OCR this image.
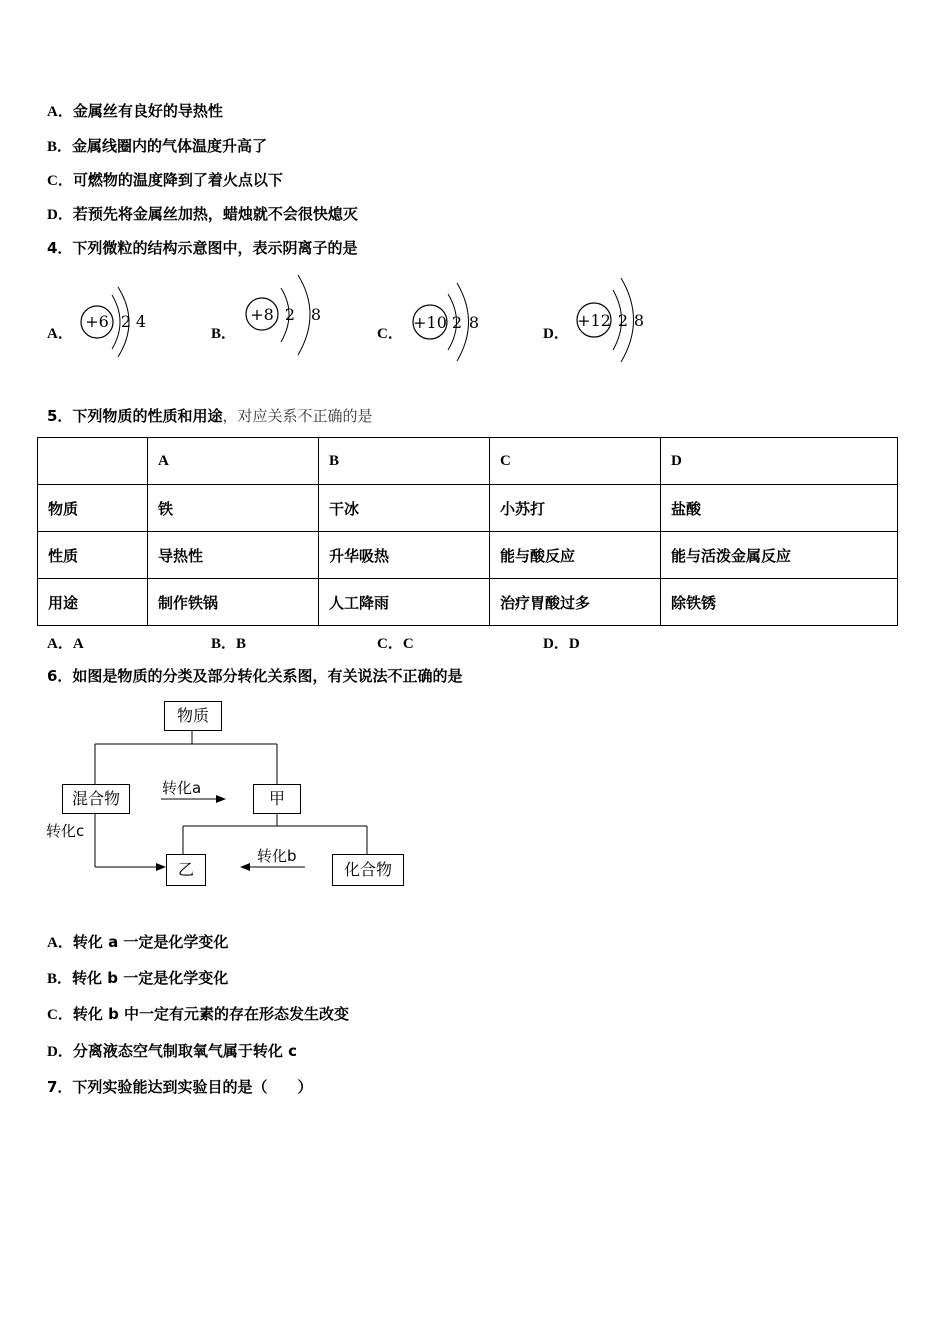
A．金属丝有良好的导热性
B．金属线圈内的气体温度升高了
C．可燃物的温度降到了着火点以下
D．若预先将金属丝加热，蜡烛就不会很快熄灭
4．下列微粒的结构示意图中，表示阴离子的是
A．	B．	C．	D．
+6 2 4	+8 2 8	+10 2 8	+12 2 8
5．下列物质的性质和用途，对应关系不正确的是
	A	B	C	D
物质	铁	干冰	小苏打	盐酸
性质	导热性	升华吸热	能与酸反应	能与活泼金属反应
用途	制作铁锅	人工降雨	治疗胃酸过多	除铁锈
A．A	B．B	C．C	D．D
6．如图是物质的分类及部分转化关系图，有关说法不正确的是
物质
混合物	甲
乙	化合物
转化a
转化b
转化c
A．转化 a 一定是化学变化
B．转化 b 一定是化学变化
C．转化 b 中一定有元素的存在形态发生改变
D．分离液态空气制取氧气属于转化 c
7．下列实验能达到实验目的是（　　）
